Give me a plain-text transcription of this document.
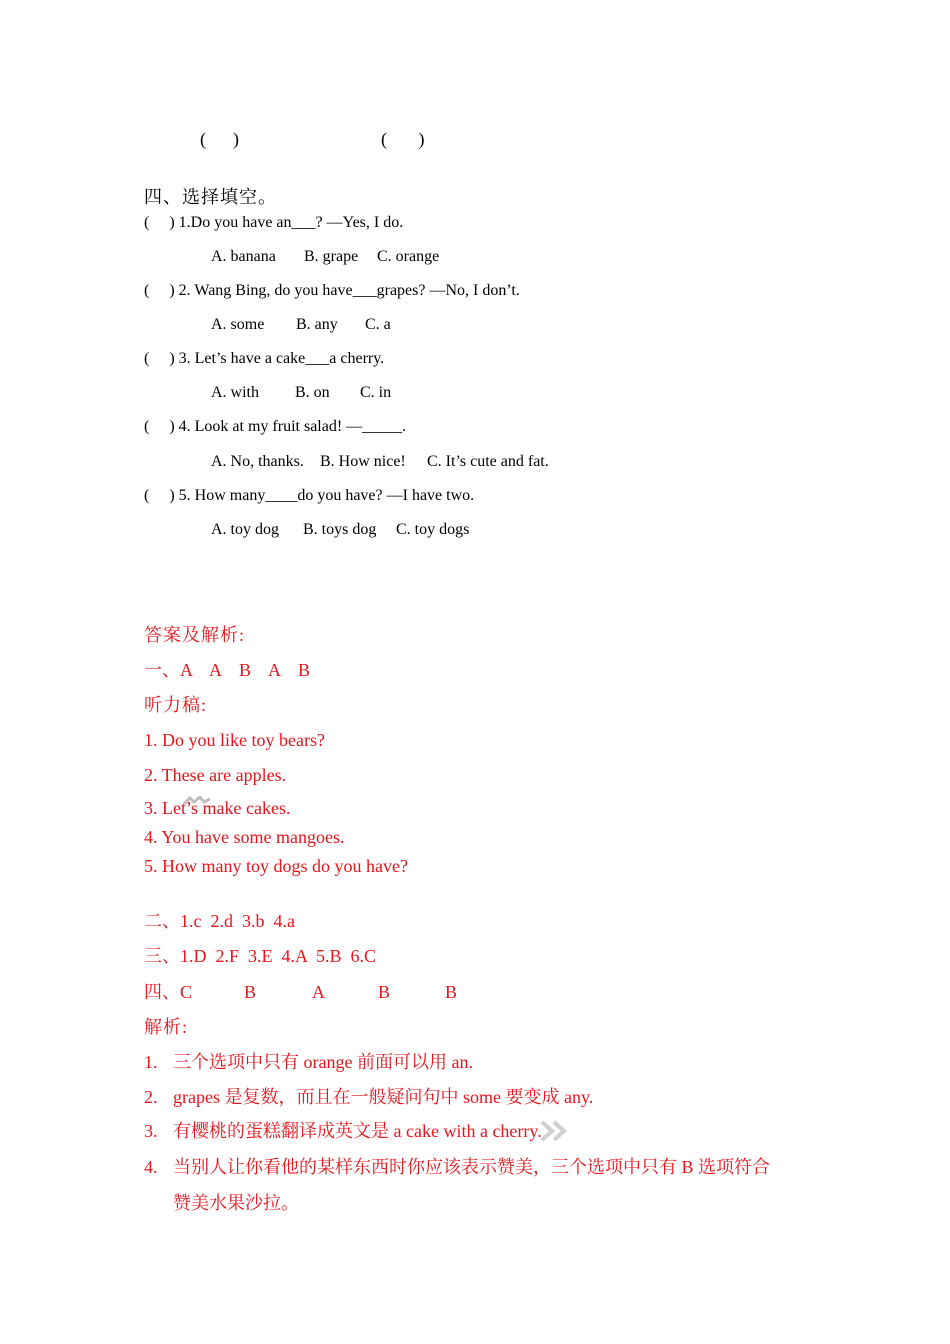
(      )	(       )
四、选择填空。
(     ) 1.Do you have an___? —Yes, I do.
A. banana B. grape C. orange
(     ) 2. Wang Bing, do you have___grapes? —No, I don’t.
A. some B. any C. a
(     ) 3. Let’s have a cake___a cherry.
A. with B. on C. in
(     ) 4. Look at my fruit salad! —_____.
A. No, thanks. B. How nice! C. It’s cute and fat.
(     ) 5. How many____do you have? —I have two.
A. toy dog B. toys dog C. toy dogs
答案及解析:
一、A    A    B    A    B
听力稿:
1. Do you like toy bears?
2. These are apples.
3. Let’s make cakes.
4. You have some mangoes.
5. How many toy dogs do you have?
二、1.c  2.d  3.b  4.a
三、1.D  2.F  3.E  4.A  5.B  6.C
四、C	B	A	B	B
解析:
1. 三个选项中只有 orange 前面可以用 an.
2. grapes 是复数，而且在一般疑问句中 some 要变成 any.
3. 有樱桃的蛋糕翻译成英文是 a cake with a cherry.
4. 当别人让你看他的某样东西时你应该表示赞美，三个选项中只有 B 选项符合
赞美水果沙拉。
